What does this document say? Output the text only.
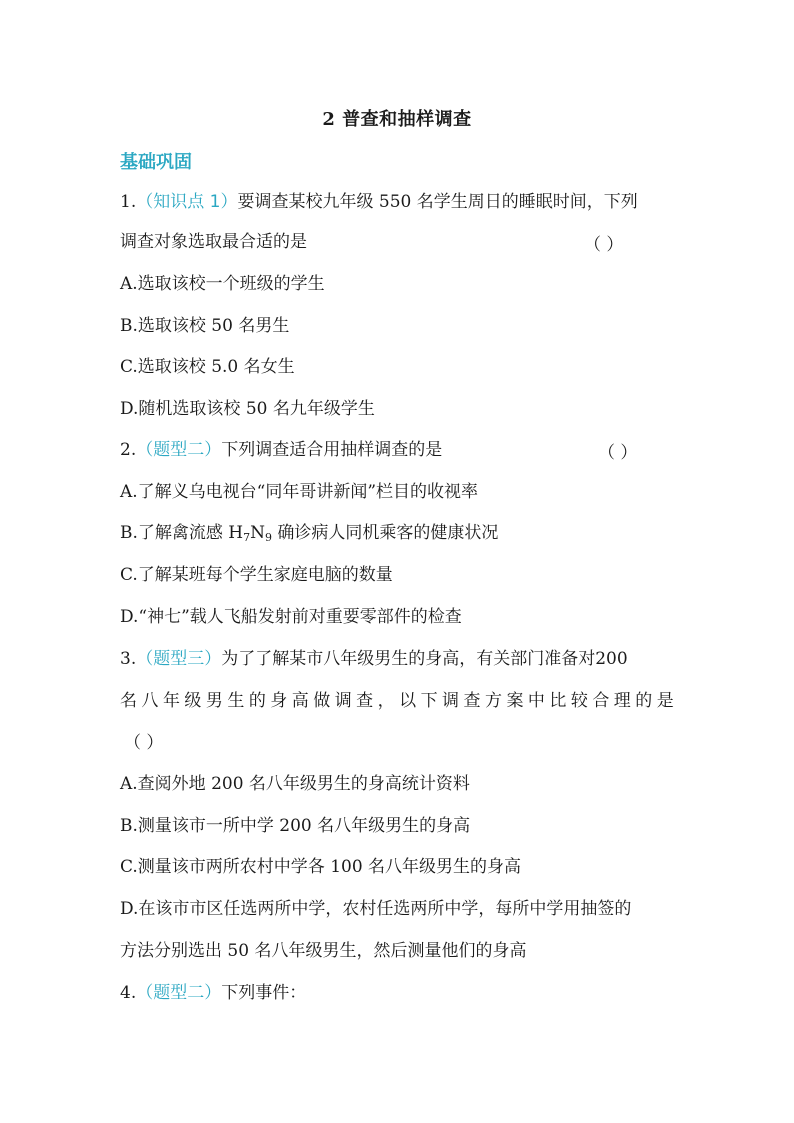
2 普查和抽样调查
基础巩固
1.（知识点 1）要调查某校九年级 550 名学生周日的睡眠时间，下列
调查对象选取最合适的是	（ ）
A.选取该校一个班级的学生
B.选取该校 50 名男生
C.选取该校 5.0 名女生
D.随机选取该校 50 名九年级学生
2.（题型二）下列调查适合用抽样调查的是	（ ）
A.了解义乌电视台“同年哥讲新闻”栏目的收视率
B.了解禽流感 $H_7N_9$ 确诊病人同机乘客的健康状况
C.了解某班每个学生家庭电脑的数量
D.“神七”载人飞船发射前对重要零部件的检查
3.（题型三）为了了解某市八年级男生的身高，有关部门准备对200
名 八 年 级 男 生 的 身 高 做 调 查 ， 以 下 调 查 方 案 中 比 较 合 理 的 是
（ ）
A.查阅外地 200 名八年级男生的身高统计资料
B.测量该市一所中学 200 名八年级男生的身高
C.测量该市两所农村中学各 100 名八年级男生的身高
D.在该市市区任选两所中学，农村任选两所中学，每所中学用抽签的
方法分别选出 50 名八年级男生，然后测量他们的身高
4.（题型二）下列事件：
